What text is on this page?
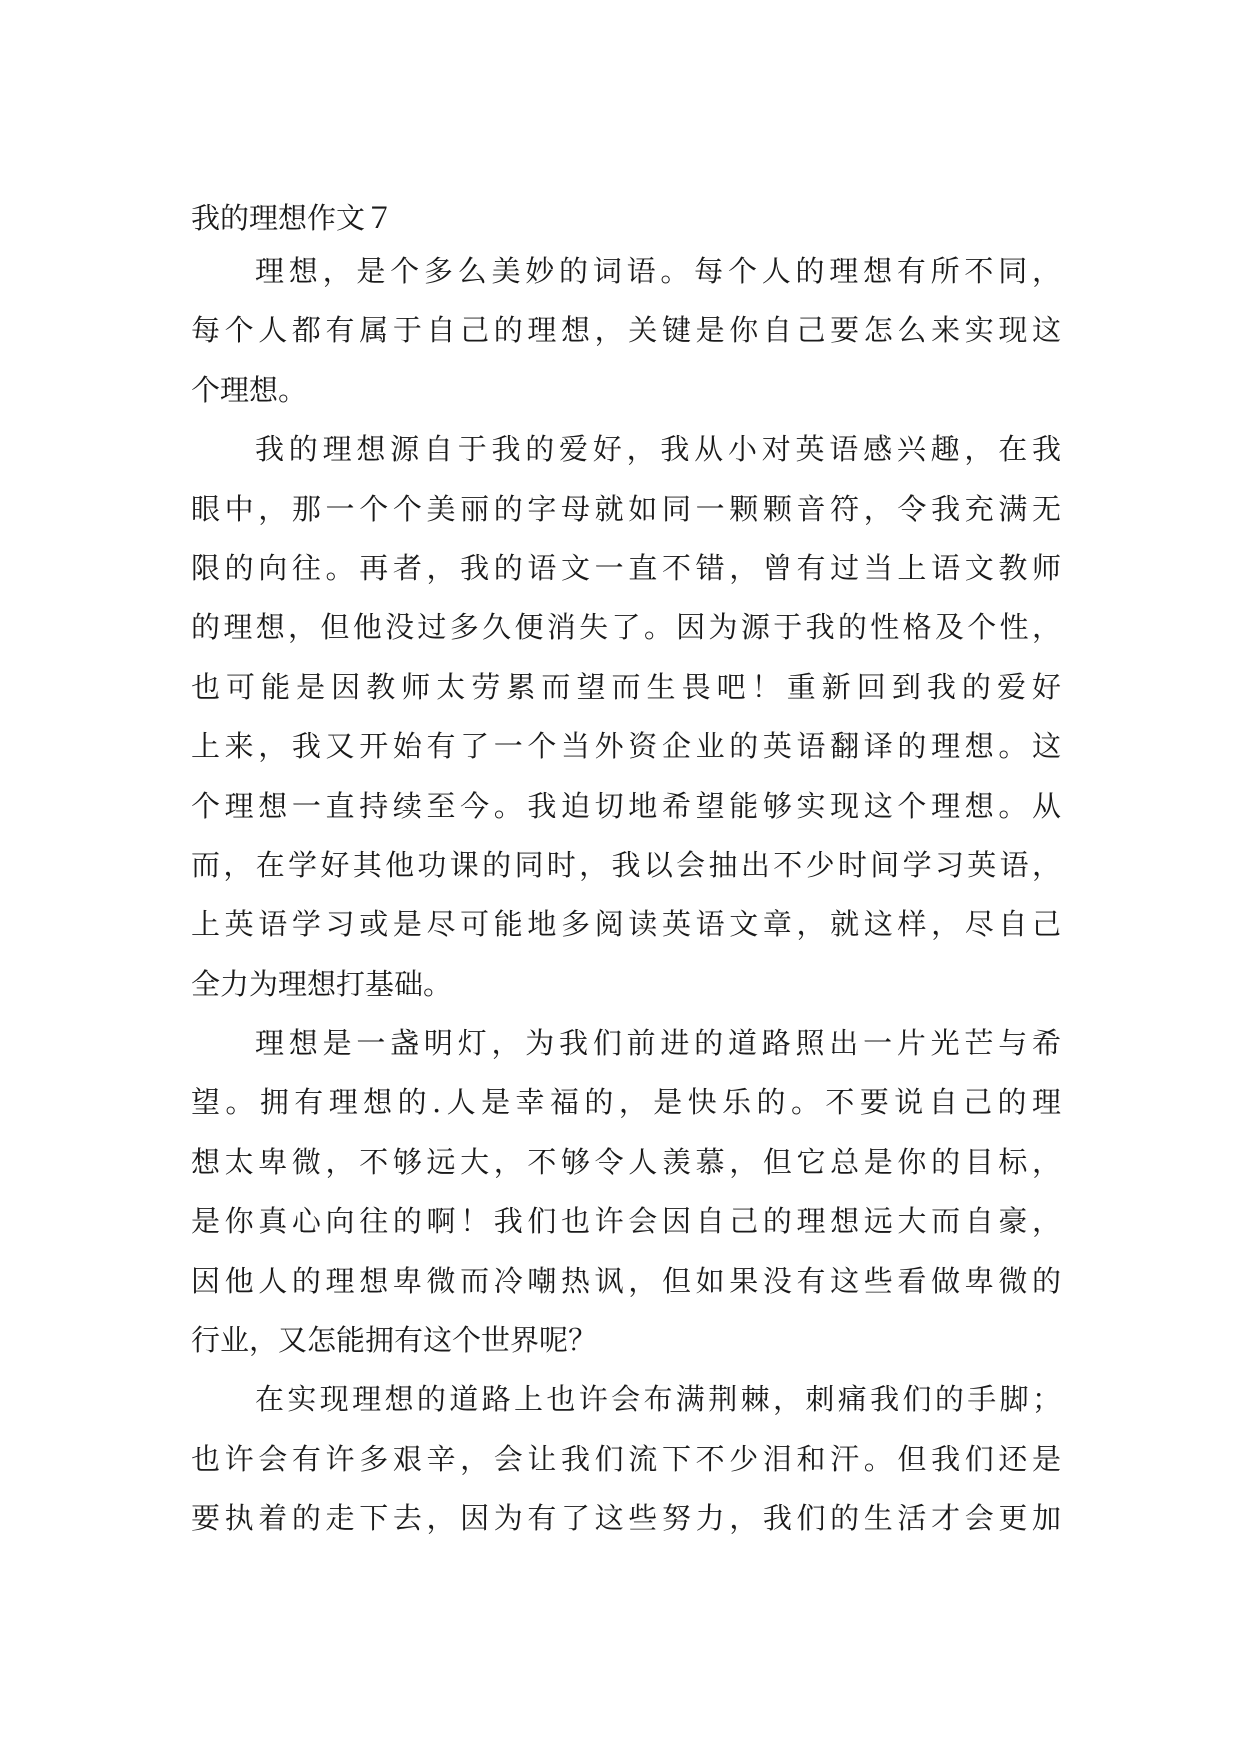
我的理想作文７

理想，是个多么美妙的词语。每个人的理想有所不同，
每个人都有属于自己的理想，关键是你自己要怎么来实现这
个理想。

我的理想源自于我的爱好，我从小对英语感兴趣，在我
眼中，那一个个美丽的字母就如同一颗颗音符，令我充满无
限的向往。再者，我的语文一直不错，曾有过当上语文教师
的理想，但他没过多久便消失了。因为源于我的性格及个性，
也可能是因教师太劳累而望而生畏吧！重新回到我的爱好
上来，我又开始有了一个当外资企业的英语翻译的理想。这
个理想一直持续至今。我迫切地希望能够实现这个理想。从
而，在学好其他功课的同时，我以会抽出不少时间学习英语，
上英语学习或是尽可能地多阅读英语文章，就这样，尽自己
全力为理想打基础。

理想是一盏明灯，为我们前进的道路照出一片光芒与希
望。拥有理想的.人是幸福的，是快乐的。不要说自己的理
想太卑微，不够远大，不够令人羡慕，但它总是你的目标，
是你真心向往的啊！我们也许会因自己的理想远大而自豪，
因他人的理想卑微而冷嘲热讽，但如果没有这些看做卑微的
行业，又怎能拥有这个世界呢？

在实现理想的道路上也许会布满荆棘，刺痛我们的手脚；
也许会有许多艰辛，会让我们流下不少泪和汗。但我们还是
要执着的走下去，因为有了这些努力，我们的生活才会更加
